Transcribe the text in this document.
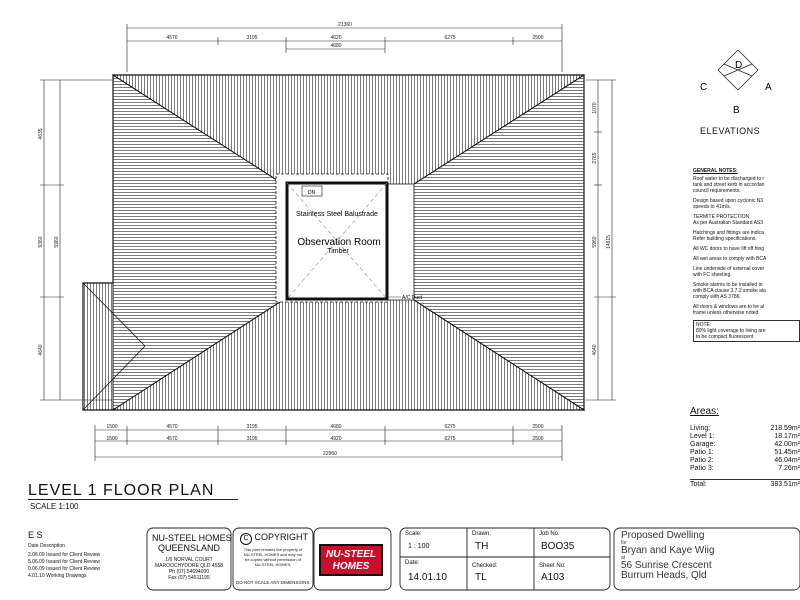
DN
Stainless Steel Balustrade
Observation Room
Timber
A/C Duct
21360
4570	3195	4620	6275	2500
4680
1500	4570	3195	4680	6275	2500
1500	4570	3195	4920	6275	2500
22960
4635
9360
4640
5960
1070
2765
5960 14615
4640
D
C	A
B
ELEVATIONS
GENERAL NOTES:

Roof water to be discharged to r
tank and street kerb in accordan
council requirements.

Design based upon cyclonic N3
speeds to 41m/s.

TERMITE PROTECTION
As per Australian Standard AS3

Hatchings and fittings are indica
Refer building specifications.

All WC doors to have lift off hing

All wet areas to comply with BCA

Line underside of external cover
with FC sheeting.

Smoke alarms to be installed in
with BCA clause 3.7.2 smoke ala
comply with AS 3786.

All doors & windows are to be al
frame unless otherwise noted.

NOTE:
80% light coverage to living are
to be compact fluorescent
Areas:
Living:	218.59m²
Level 1:	18.17m²
Garage:	42.00m²
Patio 1:	51.45m²
Patio 2:	46.04m²
Patio 3:	7.26m²
Total:	383.51m²
LEVEL 1 FLOOR PLAN
SCALE 1:100
E S
Date Description
2.06.09 Issued for Client Review
5.06.09 Issued for Client Review
0.06.09 Issued for Client Review
4.01.10 Working Drawings
NU-STEEL HOMES
QUEENSLAND
1/6 NORVAL COURT
MAROOCHYDORE QLD 4558
Ph (07) 54694000
Fax (07) 54511195
C COPYRIGHT
This plan remains the property of
NU-STEEL HOMES and may not
be copied without permission of
NU-STEEL HOMES.
DO NOT SCALE ANY DIMENSIONS
NU-STEEL
HOMES
Scale:
1 : 100
Drawn:
TH
Job No:
BOO35
Date:
14.01.10
Checked:
TL
Sheet No:
A103
Proposed Dwelling
for
Bryan and Kaye Wiig
at
56 Sunrise Crescent
Burrum Heads, Qld
